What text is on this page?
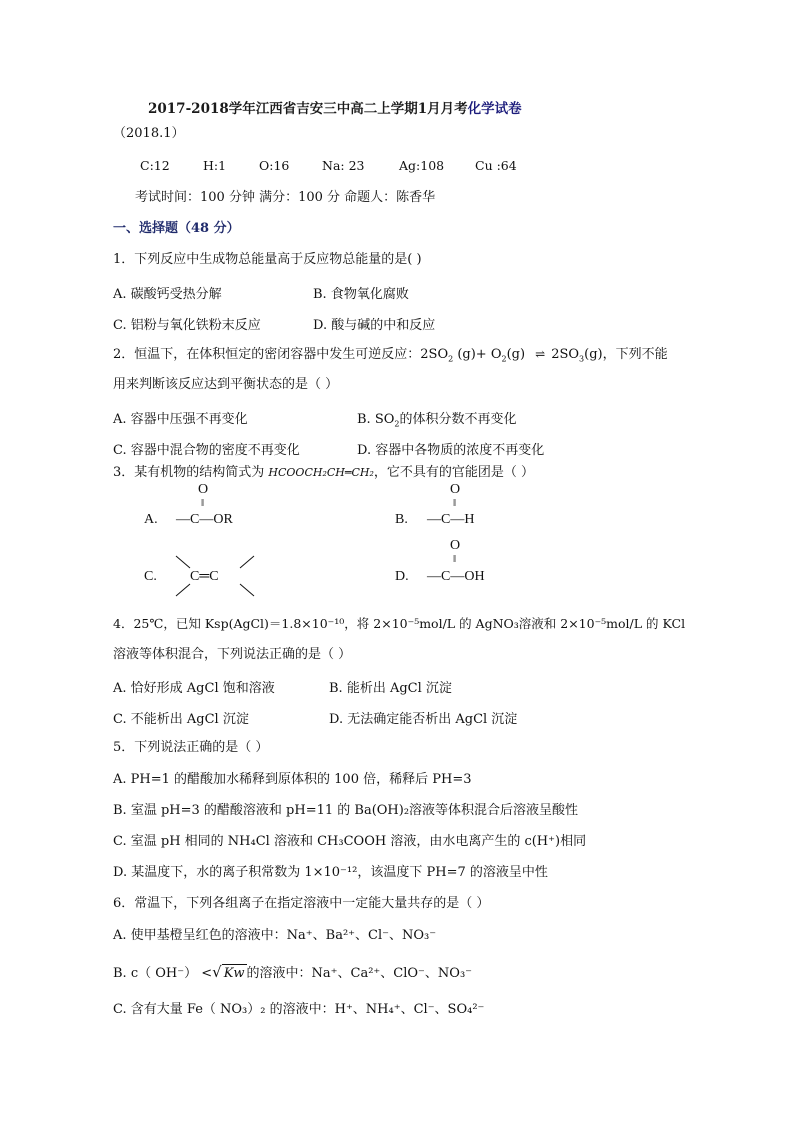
2017-2018学年江西省吉安三中高二上学期1月月考化学试卷
（2018.1）
C:12	H:1	O:16	Na: 23	Ag:108 Cu :64
考试时间：100 分钟 满分：100 分 命题人：陈香华
一、选择题（48 分）
1．下列反应中生成物总能量高于反应物总能量的是( )
A. 碳酸钙受热分解	B. 食物氧化腐败
C. 铝粉与氧化铁粉末反应	D. 酸与碱的中和反应
2．恒温下，在体积恒定的密闭容器中发生可逆反应：$2SO_2$ $(g)+ O_2(g)$ ⇌ $2SO_3(g)$，下列不能
用来判断该反应达到平衡状态的是（ ）
A. 容器中压强不再变化	B. $SO_2$的体积分数不再变化
C. 容器中混合物的密度不再变化	D. 容器中各物质的浓度不再变化
3．某有机物的结构简式为 HCOOCH₂CH═CH₂，它不具有的官能团是（ ）
A.
O
‖
—C—OR	B.
O
‖
—C—H
C. C═C	D.
O
‖
—C—OH
4．25℃，已知 Ksp(AgCl)＝1.8×10⁻¹⁰，将 2×10⁻⁵mol/L 的 AgNO₃溶液和 2×10⁻⁵mol/L 的 KCl
溶液等体积混合，下列说法正确的是（ ）
A. 恰好形成 AgCl 饱和溶液	B. 能析出 AgCl 沉淀
C. 不能析出 AgCl 沉淀	D. 无法确定能否析出 AgCl 沉淀
5．下列说法正确的是（ ）
A. PH=1 的醋酸加水稀释到原体积的 100 倍，稀释后 PH=3
B. 室温 pH=3 的醋酸溶液和 pH=11 的 Ba(OH)₂溶液等体积混合后溶液呈酸性
C. 室温 pH 相同的 NH₄Cl 溶液和 CH₃COOH 溶液，由水电离产生的 c(H⁺)相同
D. 某温度下，水的离子积常数为 1×10⁻¹²，该温度下 PH=7 的溶液呈中性
6．常温下，下列各组离子在指定溶液中一定能大量共存的是（ ）
A. 使甲基橙呈红色的溶液中：Na⁺、Ba²⁺、Cl⁻、NO₃⁻
B. c（ OH⁻） <√ Kw 的溶液中：Na⁺、Ca²⁺、ClO⁻、NO₃⁻
C. 含有大量 Fe（ NO₃）₂ 的溶液中：H⁺、NH₄⁺、Cl⁻、SO₄²⁻
